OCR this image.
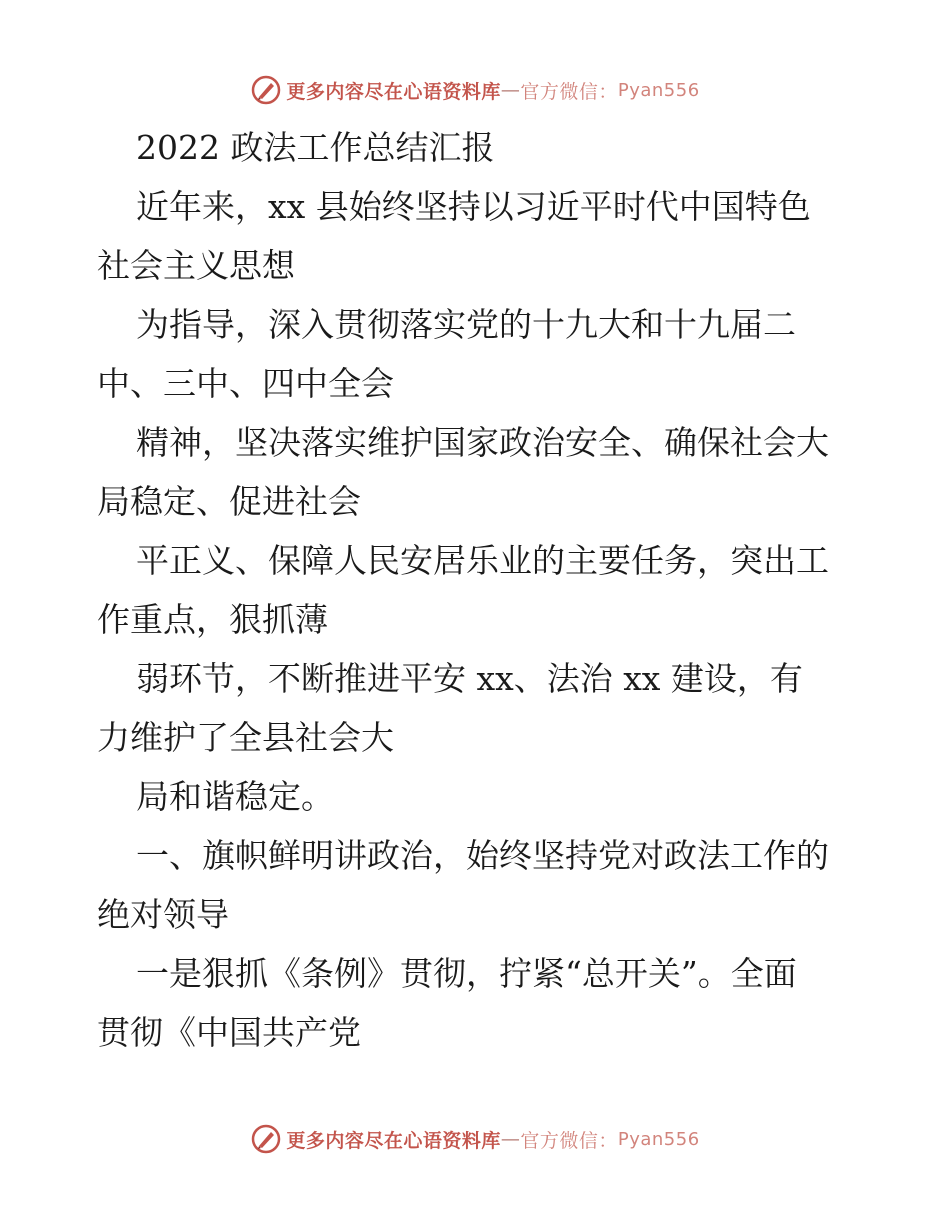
更多内容尽在心语资料库 — 官方微信： Pyan556

2022 政法工作总结汇报

近年来，xx 县始终坚持以习近平时代中国特色

社会主义思想

为指导，深入贯彻落实党的十九大和十九届二

中、三中、四中全会

精神，坚决落实维护国家政治安全、确保社会大

局稳定、促进社会

平正义、保障人民安居乐业的主要任务，突出工

作重点，狠抓薄

弱环节，不断推进平安 xx、法治 xx 建设，有

力维护了全县社会大

局和谐稳定。

一、旗帜鲜明讲政治，始终坚持党对政法工作的

绝对领导

一是狠抓《条例》贯彻，拧紧“总开关”。全面

贯彻《中国共产党

更多内容尽在心语资料库 — 官方微信： Pyan556
